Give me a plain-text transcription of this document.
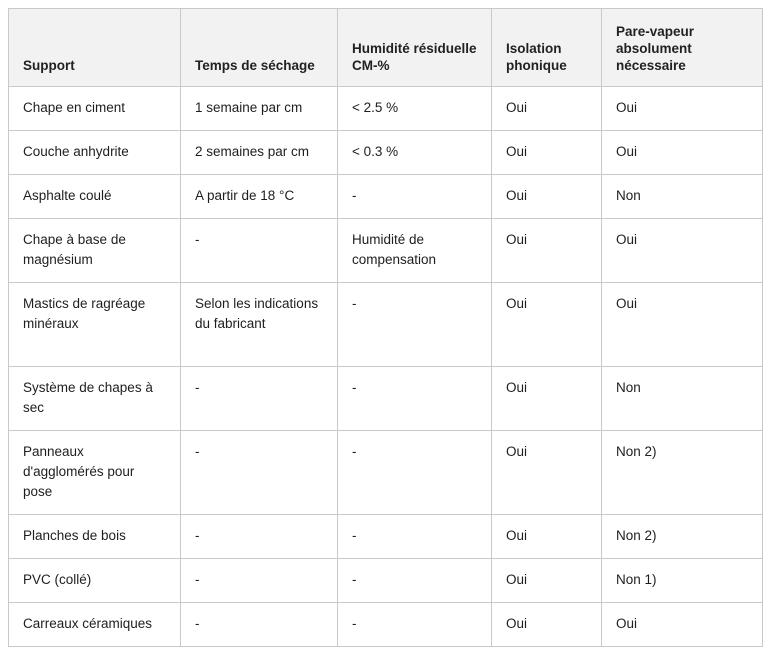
Support	Temps de séchage	Humidité résiduelle CM-%	Isolation phonique	Pare-vapeur absolument nécessaire
Chape en ciment	1 semaine par cm	< 2.5 %	Oui	Oui
Couche anhydrite	2 semaines par cm	< 0.3 %	Oui	Oui
Asphalte coulé	A partir de 18 °C	-	Oui	Non
Chape à base de magnésium	-	Humidité de compensation	Oui	Oui
Mastics de ragréage minéraux	Selon les indications du fabricant	-	Oui	Oui
Système de chapes à sec	-	-	Oui	Non
Panneaux d'agglomérés pour pose	-	-	Oui	Non 2)
Planches de bois	-	-	Oui	Non 2)
PVC (collé)	-	-	Oui	Non 1)
Carreaux céramiques	-	-	Oui	Oui
